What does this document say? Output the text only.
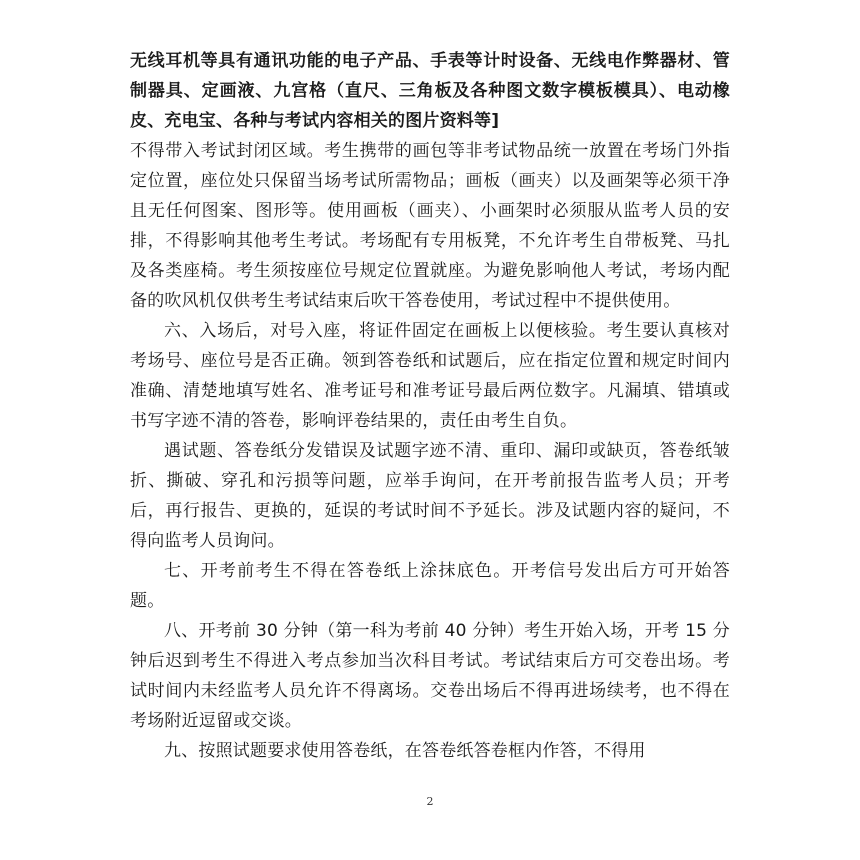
无线耳机等具有通讯功能的电子产品、手表等计时设备、无线电作弊器材、管制器具、定画液、九宫格（直尺、三角板及各种图文数字模板模具）、电动橡皮、充电宝、各种与考试内容相关的图片资料等]

不得带入考试封闭区域。考生携带的画包等非考试物品统一放置在考场门外指定位置，座位处只保留当场考试所需物品；画板（画夹）以及画架等必须干净且无任何图案、图形等。使用画板（画夹）、小画架时必须服从监考人员的安排，不得影响其他考生考试。考场配有专用板凳，不允许考生自带板凳、马扎及各类座椅。考生须按座位号规定位置就座。为避免影响他人考试，考场内配备的吹风机仅供考生考试结束后吹干答卷使用，考试过程中不提供使用。

六、入场后，对号入座，将证件固定在画板上以便核验。考生要认真核对考场号、座位号是否正确。领到答卷纸和试题后，应在指定位置和规定时间内准确、清楚地填写姓名、准考证号和准考证号最后两位数字。凡漏填、错填或书写字迹不清的答卷，影响评卷结果的，责任由考生自负。

遇试题、答卷纸分发错误及试题字迹不清、重印、漏印或缺页，答卷纸皱折、撕破、穿孔和污损等问题，应举手询问，在开考前报告监考人员；开考后，再行报告、更换的，延误的考试时间不予延长。涉及试题内容的疑问，不得向监考人员询问。

七、开考前考生不得在答卷纸上涂抹底色。开考信号发出后方可开始答题。

八、开考前 30 分钟（第一科为考前 40 分钟）考生开始入场，开考 15 分钟后迟到考生不得进入考点参加当次科目考试。考试结束后方可交卷出场。考试时间内未经监考人员允许不得离场。交卷出场后不得再进场续考，也不得在考场附近逗留或交谈。

九、按照试题要求使用答卷纸，在答卷纸答卷框内作答，不得用

2
